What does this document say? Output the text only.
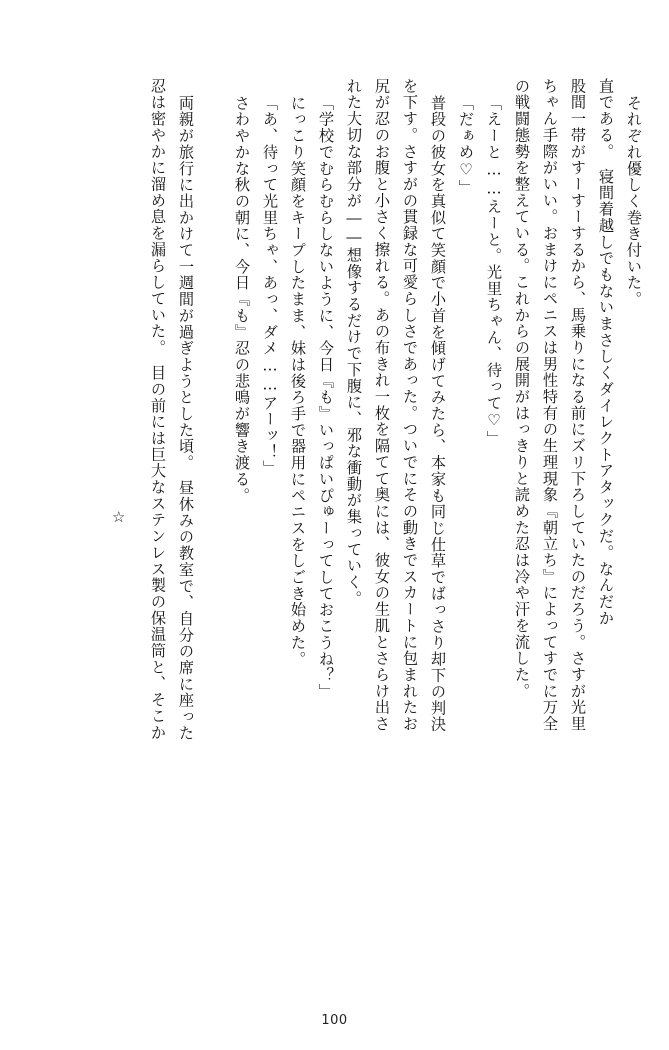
それぞれ優しく巻き付いた。
直である。　寝間着越しでもないまさしくダイレクトアタックだ。なんだか
股間一帯がすーすーするから、馬乗りになる前にズリ下ろしていたのだろう。さすが光里
ちゃん手際がいい。おまけにペニスは男性特有の生理現象『朝立ち』によってすでに万全
の戦闘態勢を整えている。これからの展開がはっきりと読めた忍は冷や汗を流した。
「えーと……えーと。光里ちゃん、待って♡」
「だぁめ♡」
普段の彼女を真似て笑顔で小首を傾げてみたら、本家も同じ仕草でばっさり却下の判決
を下す。さすがの貫録な可愛らしさであった。ついでにその動きでスカートに包まれたお
尻が忍のお腹と小さく擦れる。あの布きれ一枚を隔てて奥には、彼女の生肌とさらけ出さ
れた大切な部分が――想像するだけで下腹に、邪な衝動が集っていく。
「学校でむらむらしないように、今日『も』いっぱいぴゅーってしておこうね？」
にっこり笑顔をキープしたまま、妹は後ろ手で器用にペニスをしごき始めた。
「あ、待って光里ちゃ、あっ、ダメ……アーッ！」
さわやかな秋の朝に、今日『も』忍の悲鳴が響き渡る。
両親が旅行に出かけて一週間が過ぎようとした頃。　昼休みの教室で、自分の席に座った
忍は密やかに溜め息を漏らしていた。　目の前には巨大なステンレス製の保温筒と、そこか
☆
100
